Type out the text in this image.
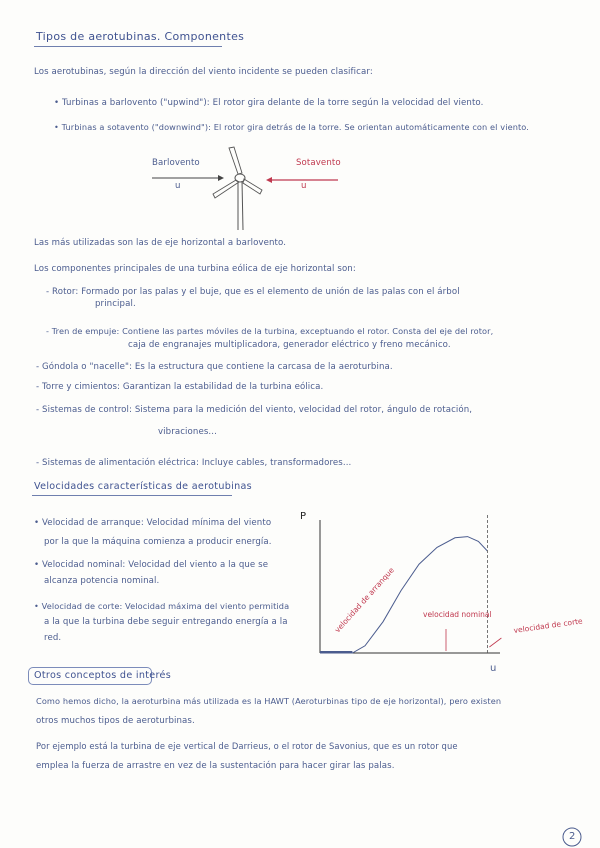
Tipos de aerotubinas. Componentes
Los aerotubinas, según la dirección del viento incidente se pueden clasificar:
• Turbinas a barlovento ("upwind"): El rotor gira delante de la torre según la velocidad del viento.
• Turbinas a sotavento ("downwind"): El rotor gira detrás de la torre. Se orientan automáticamente con el viento.
Barlovento
u
Sotavento
u
Las más utilizadas son las de eje horizontal a barlovento.
Los componentes principales de una turbina eólica de eje horizontal son:
- Rotor: Formado por las palas y el buje, que es el elemento de unión de las palas con el árbol
principal.
- Tren de empuje: Contiene las partes móviles de la turbina, exceptuando el rotor. Consta del eje del rotor,
caja de engranajes multiplicadora, generador eléctrico y freno mecánico.
- Góndola o "nacelle": Es la estructura que contiene la carcasa de la aeroturbina.
- Torre y cimientos: Garantizan la estabilidad de la turbina eólica.
- Sistemas de control: Sistema para la medición del viento, velocidad del rotor, ángulo de rotación,
vibraciones...
- Sistemas de alimentación eléctrica: Incluye cables, transformadores...
Velocidades características de aerotubinas
• Velocidad de arranque: Velocidad mínima del viento
por la que la máquina comienza a producir energía.
• Velocidad nominal: Velocidad del viento a la que se
alcanza potencia nominal.
• Velocidad de corte: Velocidad máxima del viento permitida
a la que la turbina debe seguir entregando energía a la
red.
P
u
velocidad de arranque	velocidad nominal
velocidad de corte
Otros conceptos de interés
Como hemos dicho, la aeroturbina más utilizada es la HAWT (Aeroturbinas tipo de eje horizontal), pero existen
otros muchos tipos de aeroturbinas.
Por ejemplo está la turbina de eje vertical de Darrieus, o el rotor de Savonius, que es un rotor que
emplea la fuerza de arrastre en vez de la sustentación para hacer girar las palas.
2
